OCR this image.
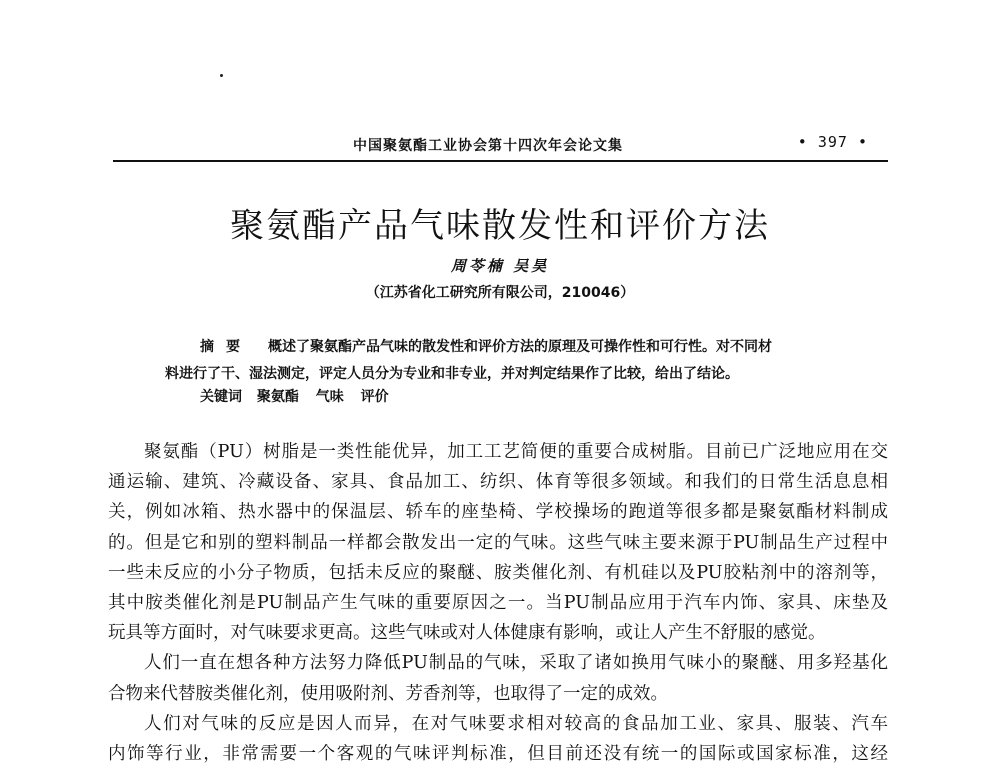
中国聚氨酯工业协会第十四次年会论文集	• 397 •
聚氨酯产品气味散发性和评价方法
周苓楠 吴昊
（江苏省化工研究所有限公司，210046）
摘要 概述了聚氨酯产品气味的散发性和评价方法的原理及可操作性和可行性。对不同材
料进行了干、湿法测定，评定人员分为专业和非专业，并对判定结果作了比较，给出了结论。
关键词 聚氨酯 气味 评价
聚氨酯（PU）树脂是一类性能优异，加工工艺简便的重要合成树脂。目前已广泛地应用在交
通运输、建筑、冷藏设备、家具、食品加工、纺织、体育等很多领域。和我们的日常生活息息相
关，例如冰箱、热水器中的保温层、轿车的座垫椅、学校操场的跑道等很多都是聚氨酯材料制成
的。但是它和别的塑料制品一样都会散发出一定的气味。这些气味主要来源于PU制品生产过程中
一些未反应的小分子物质，包括未反应的聚醚、胺类催化剂、有机硅以及PU胶粘剂中的溶剂等，
其中胺类催化剂是PU制品产生气味的重要原因之一。当PU制品应用于汽车内饰、家具、床垫及
玩具等方面时，对气味要求更高。这些气味或对人体健康有影响，或让人产生不舒服的感觉。
人们一直在想各种方法努力降低PU制品的气味，采取了诸如换用气味小的聚醚、用多羟基化
合物来代替胺类催化剂，使用吸附剂、芳香剂等，也取得了一定的成效。
人们对气味的反应是因人而异，在对气味要求相对较高的食品加工业、家具、服装、汽车
内饰等行业，非常需要一个客观的气味评判标准，但目前还没有统一的国际或国家标准，这经
